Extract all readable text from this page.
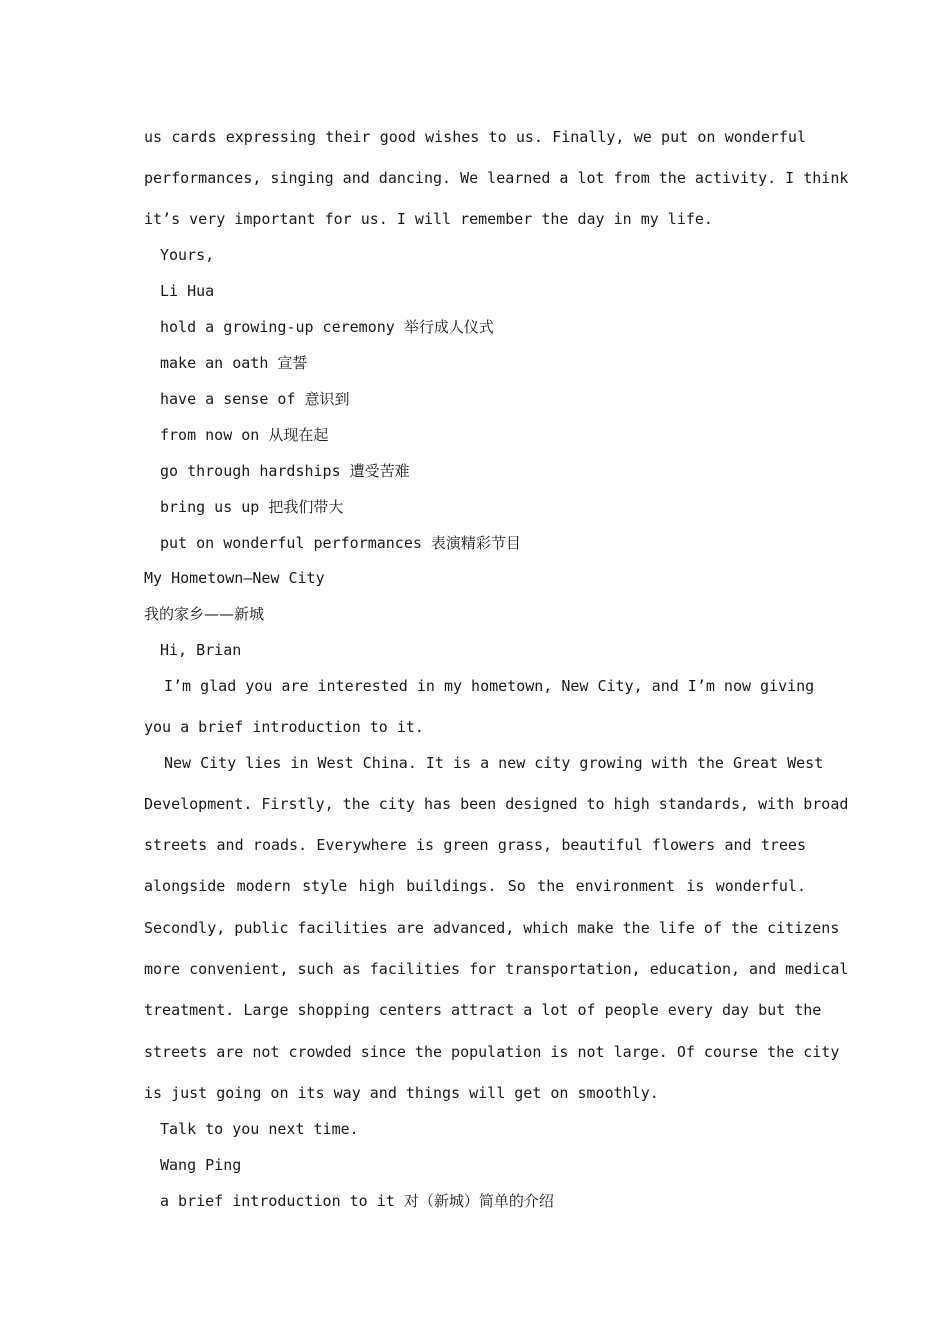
us cards expressing their good wishes to us. Finally, we put on wonderful
performances, singing and dancing. We learned a lot from the activity. I think
it’s very important for us. I will remember the day in my life.
Yours,
Li Hua
hold a growing-up ceremony 举行成人仪式
make an oath 宣誓
have a sense of 意识到
from now on 从现在起
go through hardships 遭受苦难
bring us up 把我们带大
put on wonderful performances 表演精彩节目
My Hometown—New City
我的家乡——新城
Hi, Brian
I’m glad you are interested in my hometown, New City, and I’m now giving
you a brief introduction to it.
New City lies in West China. It is a new city growing with the Great West
Development. Firstly, the city has been designed to high standards, with broad
streets and roads. Everywhere is green grass, beautiful flowers and trees
alongside modern style high buildings. So the environment is wonderful.
Secondly, public facilities are advanced, which make the life of the citizens
more convenient, such as facilities for transportation, education, and medical
treatment. Large shopping centers attract a lot of people every day but the
streets are not crowded since the population is not large. Of course the city
is just going on its way and things will get on smoothly.
Talk to you next time.
Wang Ping
a brief introduction to it 对（新城）简单的介绍
